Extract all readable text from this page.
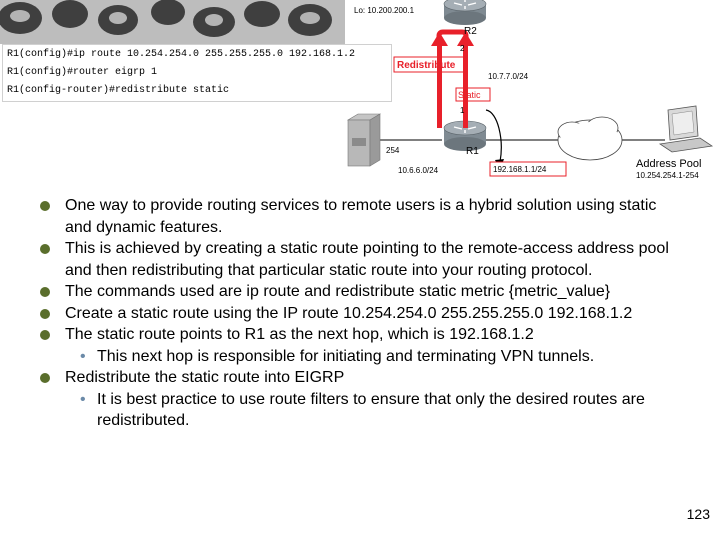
R1(config)#ip route 10.254.254.0 255.255.255.0 192.168.1.2
R1(config)#router eigrp 1
R1(config-router)#redistribute static
Lo: 10.200.200.1
R2
2
Redistribute
10.7.7.0/24
Static
1
254	R1
10.6.6.0/24	192.168.1.1/24	Address Pool
10.254.254.1-254
One way to provide routing services to remote users is a hybrid solution using static and dynamic features.
This is achieved by creating a static route pointing to the remote-access address pool and then redistributing that particular static route into your routing protocol.
The commands used are ip route and redistribute static metric {metric_value}
Create a static route using the IP route 10.254.254.0 255.255.255.0 192.168.1.2
The static route points to R1 as the next hop, which is 192.168.1.2
• This next hop is responsible for initiating and terminating VPN tunnels.
Redistribute the static route into EIGRP
• It is best practice to use route filters to ensure that only the desired routes are redistributed.
123
